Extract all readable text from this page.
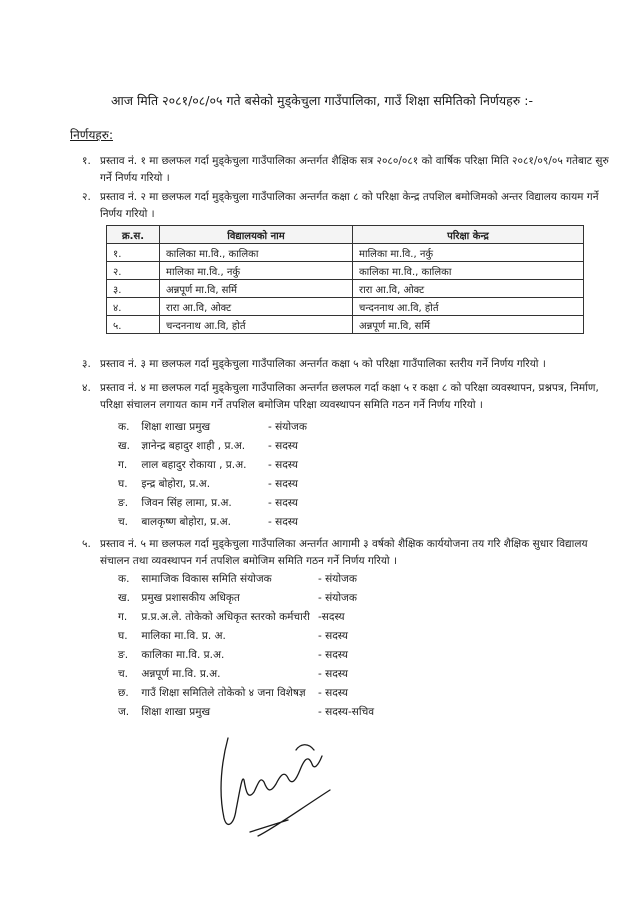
आज मिति २०८१/०८/०५ गते बसेको मुड्केचुला गाउँपालिका, गाउँ शिक्षा समितिको निर्णयहरु :-
निर्णयहरु:
१. प्रस्ताव नं. १ मा छलफल गर्दा मुड्केचुला गाउँपालिका अन्तर्गत शैक्षिक सत्र २०८०/०८१ को वार्षिक परिक्षा मिति २०८१/०९/०५ गतेबाट सुरु गर्ने निर्णय गरियो ।

२. प्रस्ताव नं. २ मा छलफल गर्दा मुड्केचुला गाउँपालिका अन्तर्गत कक्षा ८ को परिक्षा केन्द्र तपशिल बमोजिमको अन्तर विद्यालय कायम गर्ने निर्णय गरियो ।

क्र.स.	विद्यालयको नाम	परिक्षा केन्द्र
१.	कालिका मा.वि., कालिका	मालिका मा.वि., नर्कु
२.	मालिका मा.वि., नर्कु	कालिका मा.वि., कालिका
३.	अन्नपूर्ण मा.वि, सर्मि	रारा आ.वि, ओक्ट
४.	रारा आ.वि, ओक्ट	चन्दननाथ आ.वि, होर्त
५.	चन्दननाथ आ.वि, होर्त	अन्नपूर्ण मा.वि, सर्मि
३. प्रस्ताव नं. ३ मा छलफल गर्दा मुड्केचुला गाउँपालिका अन्तर्गत कक्षा ५ को परिक्षा गाउँपालिका स्तरीय गर्ने निर्णय गरियो ।

४. प्रस्ताव नं. ४ मा छलफल गर्दा मुड्केचुला गाउँपालिका अन्तर्गत छलफल गर्दा कक्षा ५ र कक्षा ८ को परिक्षा व्यवस्थापन, प्रश्नपत्र, निर्माण, परिक्षा संचालन लगायत काम गर्ने तपशिल बमोजिम परिक्षा व्यवस्थापन समिति गठन गर्ने निर्णय गरियो ।

क. शिक्षा शाखा प्रमुख	- संयोजक
ख. ज्ञानेन्द्र बहादुर शाही , प्र.अ. - सदस्य
ग. लाल बहादुर रोकाया , प्र.अ. - सदस्य
घ. इन्द्र बोहोरा, प्र.अ.	- सदस्य
ङ. जिवन सिंह लामा, प्र.अ.	- सदस्य
च. बालकृष्ण बोहोरा, प्र.अ.	- सदस्य
५. प्रस्ताव नं. ५ मा छलफल गर्दा मुड्केचुला गाउँपालिका अन्तर्गत आगामी ३ वर्षको शैक्षिक कार्ययोजना तय गरि शैक्षिक सुधार विद्यालय संचालन तथा व्यवस्थापन गर्न तपशिल बमोजिम समिति गठन गर्ने निर्णय गरियो ।

क. सामाजिक विकास समिति संयोजक	- संयोजक
ख. प्रमुख प्रशासकीय अधिकृत	- संयोजक
ग. प्र.प्र.अ.ले. तोकेको अधिकृत स्तरको कर्मचारी -सदस्य
घ. मालिका मा.वि. प्र. अ.	- सदस्य
ङ. कालिका मा.वि. प्र.अ.	- सदस्य
च. अन्नपूर्ण मा.वि. प्र.अ.	- सदस्य
छ. गाउँ शिक्षा समितिले तोकेको ४ जना विशेषज्ञ - सदस्य
ज. शिक्षा शाखा प्रमुख	- सदस्य-सचिव
